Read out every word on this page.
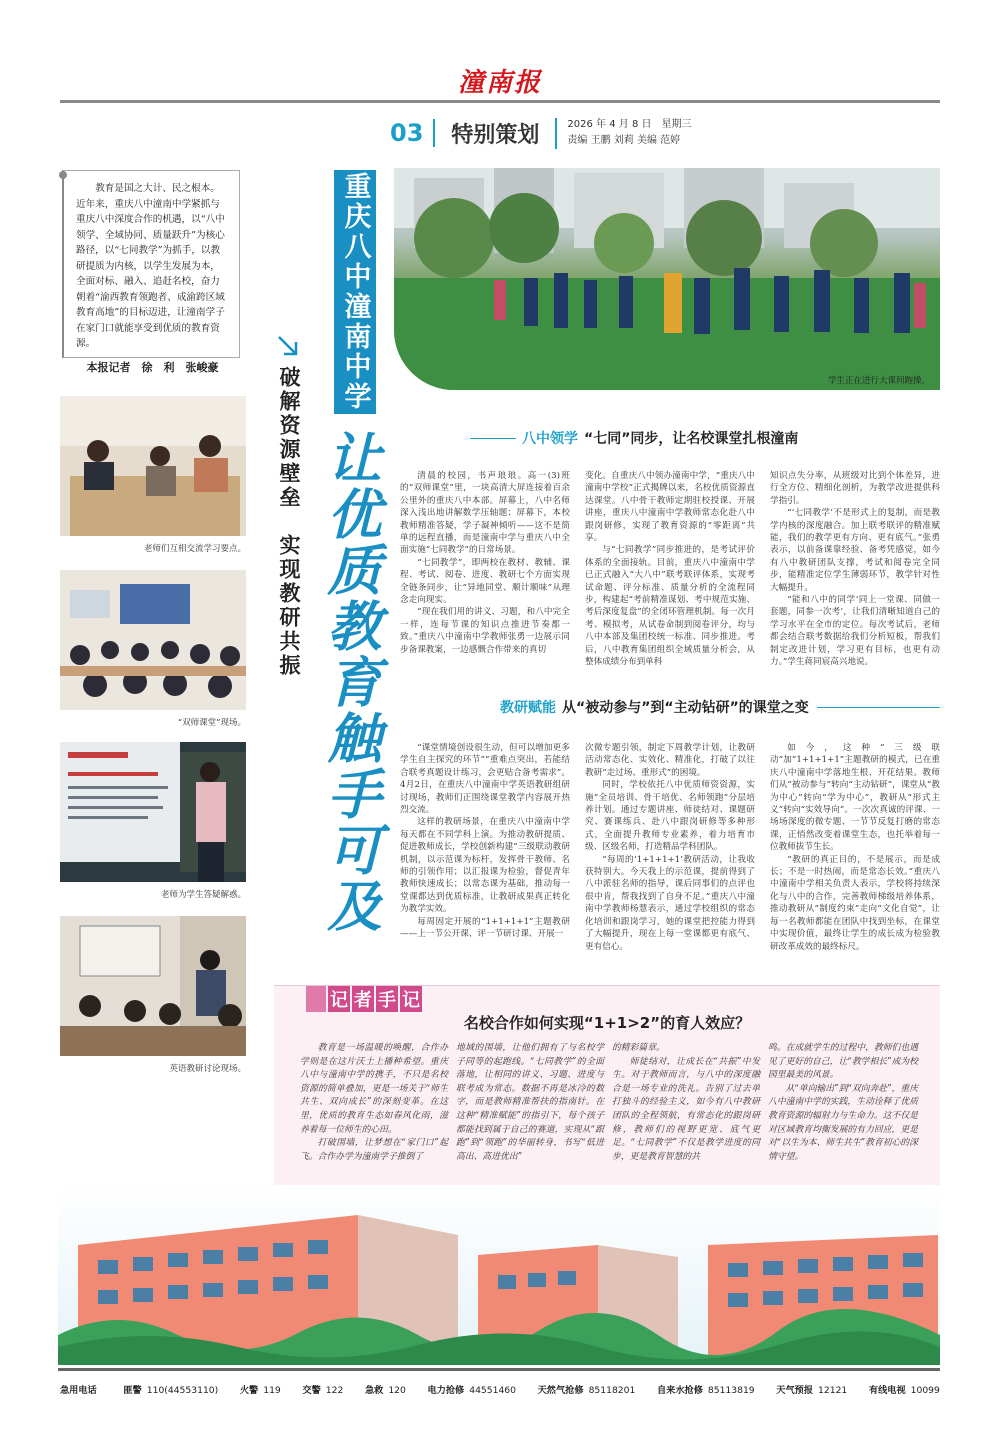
潼南报
03	特别策划	2026 年 4 月 8 日　星期三
责编 王鹏 刘莉 美编 范婷
教育是国之大计、民之根本。近年来，重庆八中潼南中学紧抓与重庆八中深度合作的机遇，以“八中领学、全域协同、质量跃升”为核心路径，以“七同教学”为抓手，以教研提质为内核，以学生发展为本，全面对标、融入、追赶名校，奋力朝着“渝西教育领跑者、成渝跨区域教育高地”的目标迈进，让潼南学子在家门口就能享受到优质的教育资源。
本报记者　徐　利　张峻豪	重庆八中潼南中学
破解资源壁垒　实现教研共振 让优质教育触手可及
学生正在进行大课间跑操。
八中领学 “七同”同步，让名校课堂扎根潼南

清晨的校园，书声琅琅。高一(3)班的“双师课堂”里，一块高清大屏连接着百余公里外的重庆八中本部。屏幕上，八中名师深入浅出地讲解数学压轴题；屏幕下，本校教师精准答疑，学子凝神倾听——这不是简单的远程直播，而是潼南中学与重庆八中全面实施“七同教学”的日常场景。

“七同教学”，即两校在教材、教辅、课程、考试、阅卷、进度、教研七个方面实现全链条同步，让“异地同堂、顺计顺味”从理念走向现实。

“现在我们用的讲义、习题，和八中完全一样，连每节课的知识点推进节奏都一致。”重庆八中潼南中学教师张勇一边展示同步备课教案，一边感慨合作带来的真切

变化。自重庆八中领办潼南中学，“重庆八中潼南中学校”正式揭牌以来，名校优质资源直达课堂。八中骨干教师定期驻校授课、开展讲座，重庆八中潼南中学教师常态化赴八中跟岗研修，实现了教育资源的“零距离”共享。

与“七同教学”同步推进的，是考试评价体系的全面接轨。目前，重庆八中潼南中学已正式融入“大八中”联考联评体系，实现考试命题、评分标准、质量分析的全流程同步，构建起“考前精准谋划、考中规范实施、考后深度复盘”的全闭环管理机制。每一次月考、模拟考，从试卷命制到阅卷评分，均与八中本部及集团校统一标准、同步推进。考后，八中教育集团组织全域质量分析会，从整体成绩分布到单科

知识点失分率，从班级对比到个体差异，进行全方位、精细化剖析，为教学改进提供科学指引。

“‘七同教学’不是形式上的复制，而是教学内核的深度融合。加上联考联评的精准赋能，我们的教学更有方向、更有底气。”张勇表示，以前备课靠经验、备考凭感觉，如今有八中教研团队支撑，考试和阅卷完全同步，能精准定位学生薄弱环节，教学针对性大幅提升。

“能和八中的同学‘同上一堂课、同做一套题，同参一次考’，让我们清晰知道自己的学习水平在全市的定位。每次考试后，老师都会结合联考数据给我们分析短板，帮我们制定改进计划，学习更有目标，也更有动力。”学生蒋同宸高兴地说。

教研赋能 从“被动参与”到“主动钻研”的课堂之变

“课堂情境创设很生动，但可以增加更多学生自主探究的环节”“重难点突出，若能结合联考真题设计练习，会更贴合备考需求”。4月2日，在重庆八中潼南中学英语教研组研讨现场，教师们正围绕课堂教学内容展开热烈交流。

这样的教研场景，在重庆八中潼南中学每天都在不同学科上演。为推动教研提质、促进教师成长，学校创新构建“三级联动教研机制，以示范课为标杆，发挥骨干教师、名师的引领作用；以汇报课为检验，督促青年教师快速成长；以常态课为基础，推动每一堂课都达到优质标准，让教研成果真正转化为教学实效。

每周固定开展的“1+1+1+1”主题教研——上一节公开课、评一节研讨课、开展一

次微专题引领，制定下周教学计划，让教研活动常态化、实效化、精准化，打破了以往教研“走过场、重形式”的困境。

同时，学校依托八中优质师资资源，实施“全员培训、骨干培优、名师领跑”分层培养计划。通过专题讲座、师徒结对、课题研究、赛课练兵、赴八中跟岗研修等多种形式，全面提升教师专业素养，着力培育市级、区级名师，打造精品学科团队。

“每周的‘1+1+1+1’教研活动，让我收获特别大。今天我上的示范课，提前得到了八中派驻名师的指导，课后同事们的点评也很中肯，帮我找到了自身不足。”重庆八中潼南中学教师杨慧表示，通过学校组织的常态化培训和跟岗学习，她的课堂把控能力得到了大幅提升，现在上每一堂课都更有底气、更有信心。

如今，这种“三级联动”加“1+1+1+1”主题教研的模式，已在重庆八中潼南中学落地生根、开花结果。教师们从“被动参与”转向“主动钻研”，课堂从“教为中心”转向“学为中心”，教研从“形式主义”转向“实效导向”。一次次真诚的评课、一场场深度的微专题、一节节反复打磨的常态课，正悄然改变着课堂生态，也托举着每一位教师拔节生长。

“教研的真正目的，不是展示，而是成长；不是一时热闹，而是常态长效。”重庆八中潼南中学相关负责人表示，学校将持续深化与八中的合作，完善教师梯级培养体系，推动教研从“制度约束”走向“文化自觉”，让每一名教师都能在团队中找到坐标，在课堂中实现价值，最终让学生的成长成为检验教研改革成效的最终标尺。

老师们互相交流学习要点。
“双师课堂”现场。
老师为学生答疑解惑。
英语教研讨论现场。
记 者 手 记
名校合作如何实现“1+1>2”的育人效应？

教育是一场温暖的唤醒，合作办学则是在这片沃土上播种希望。重庆八中与潼南中学的携手，不只是名校资源的简单叠加，更是一场关于“师生共生、双向成长”的深刻变革。在这里，优质的教育生态如春风化雨，滋养着每一位师生的心田。

打破围墙，让梦想在“家门口”起飞。合作办学为潼南学子推倒了

地域的围墙，让他们拥有了与名校学子同等的起跑线。“七同教学”的全面落地，让相同的讲义、习题、进度与联考成为常态。数据不再是冰冷的数字，而是教师精准帮扶的指南针。在这种“精准赋能”的指引下，每个孩子都能找到属于自己的赛道，实现从“跟跑”到“领跑”的华丽转身，书写“低进高出、高进优出”

的精彩篇章。

师徒结对，让成长在“共振”中发生。对于教师而言，与八中的深度融合是一场专业的洗礼。告别了过去单打独斗的经验主义，如今有八中教研团队的全程领航，有常态化的跟岗研修，教师们的视野更宽、底气更足。“七同教学”不仅是教学进度的同步，更是教育智慧的共

鸣。在成就学生的过程中，教师们也遇见了更好的自己，让“教学相长”成为校园里最美的风景。

从“单向输出”到“双向奔赴”，重庆八中潼南中学的实践，生动诠释了优质教育资源的辐射力与生命力。这不仅是对区域教育均衡发展的有力回应，更是对“以生为本、师生共生”教育初心的深情守望。

急用电话	匪警 110(44553110) 火警 119 交警 122 急救 120 电力抢修 44551460 天然气抢修 85118201 自来水抢修 85113819 天气预报 12121 有线电视 10099
